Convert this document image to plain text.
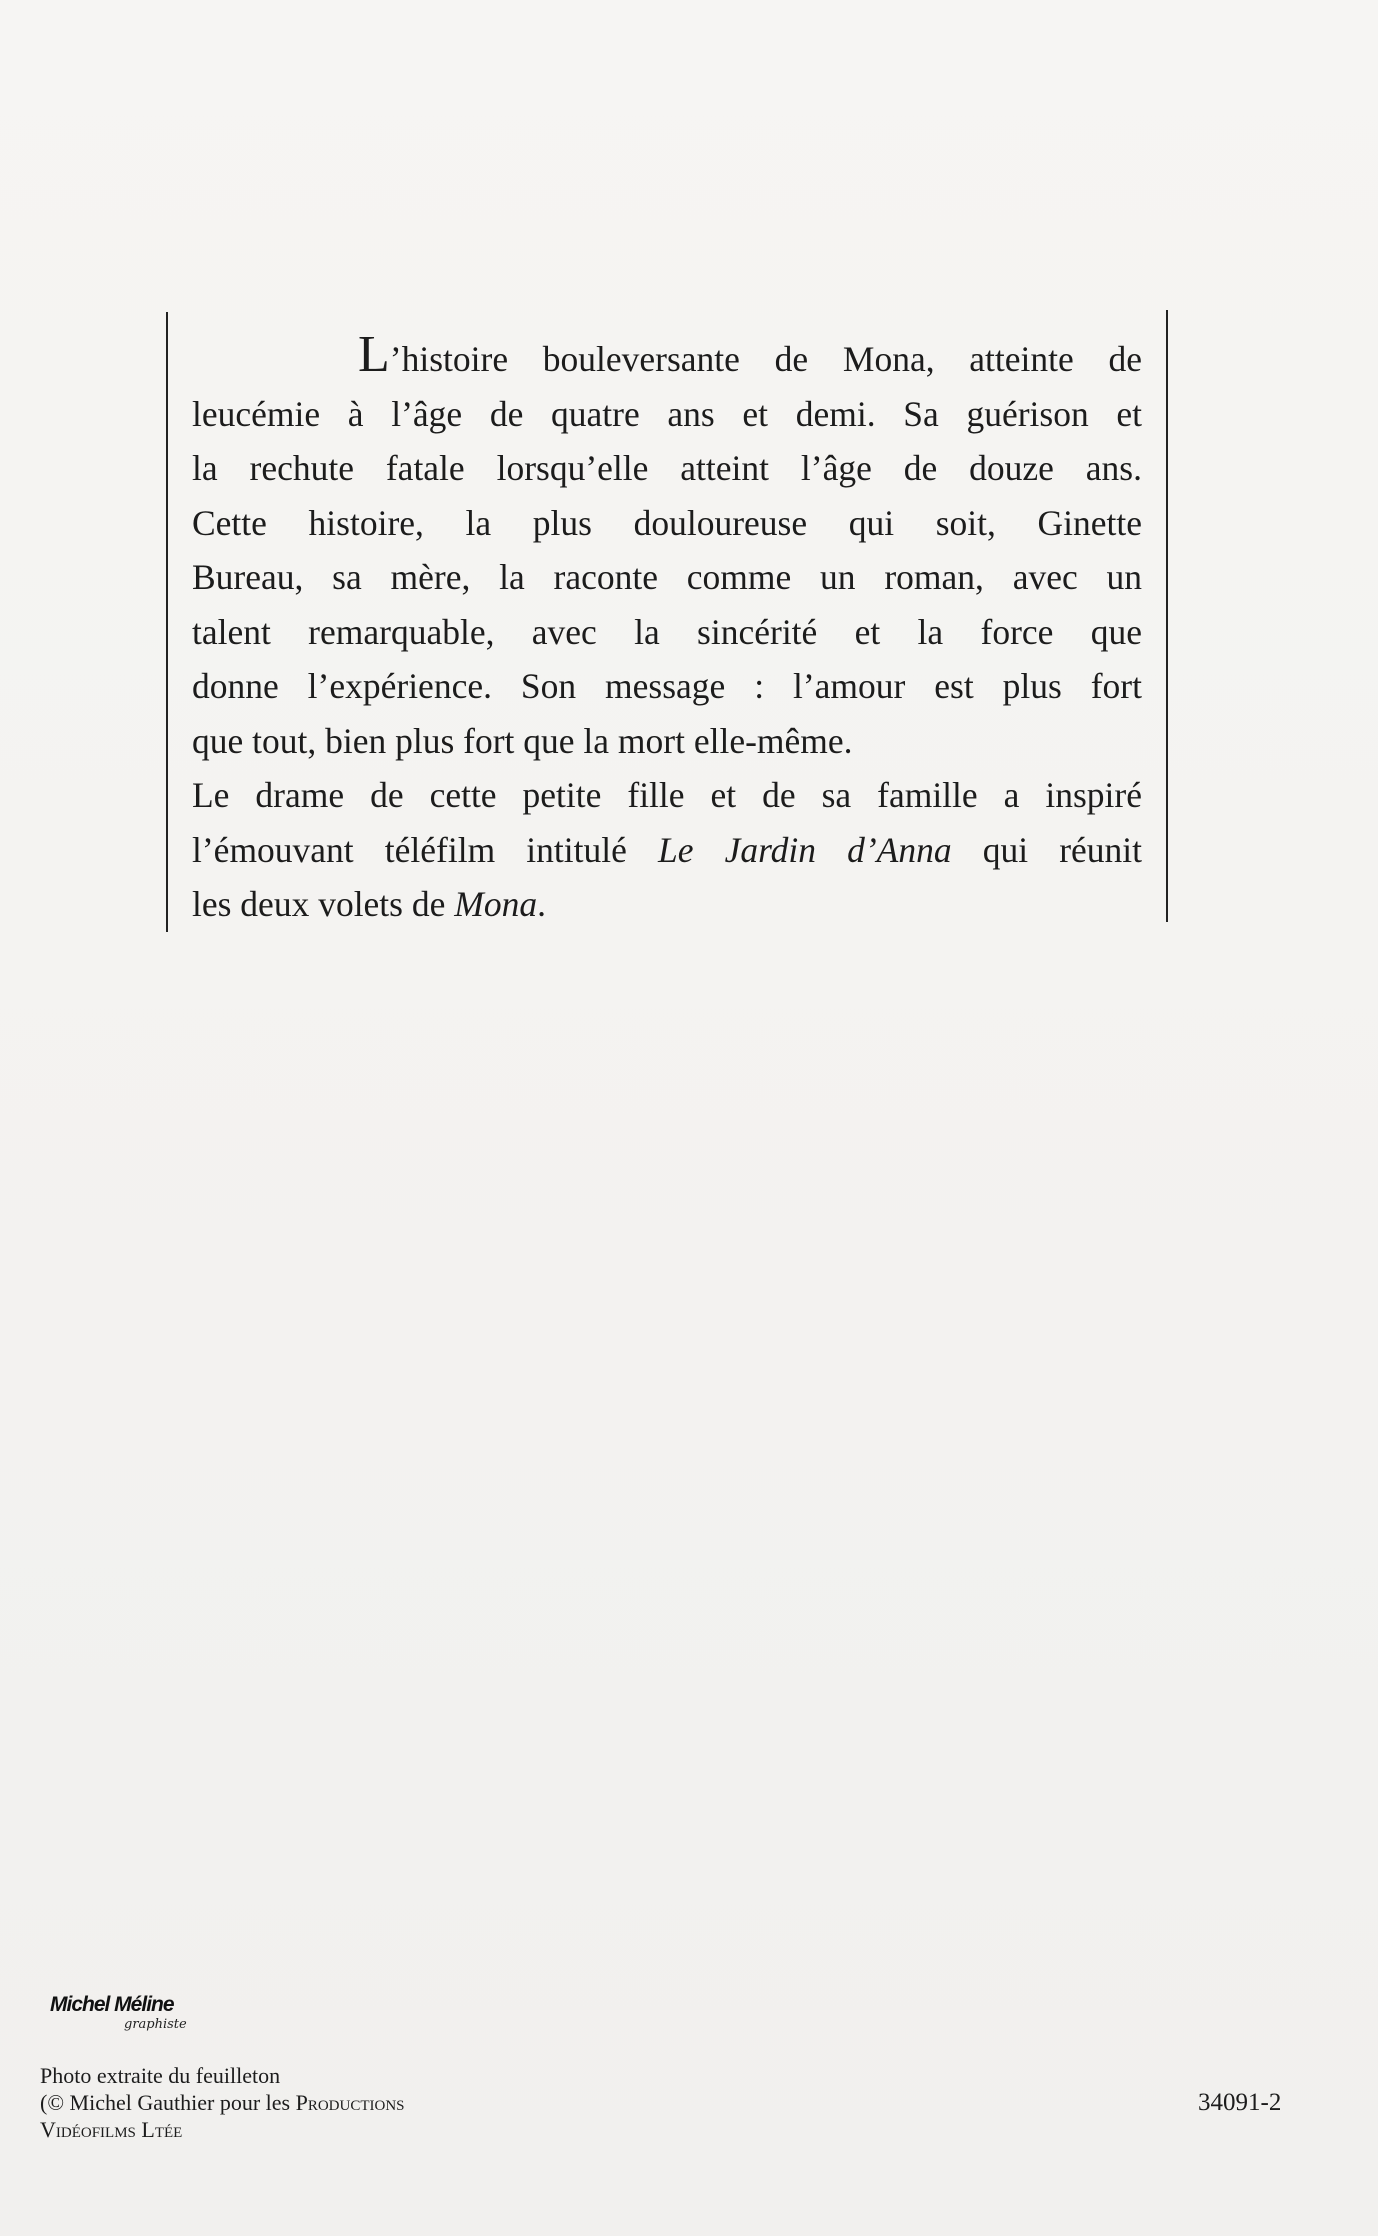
L’histoire bouleversante de Mona, atteinte de
leucémie à l’âge de quatre ans et demi. Sa guérison et
la rechute fatale lorsqu’elle atteint l’âge de douze ans.
Cette histoire, la plus douloureuse qui soit, Ginette
Bureau, sa mère, la raconte comme un roman, avec un
talent remarquable, avec la sincérité et la force que
donne l’expérience. Son message : l’amour est plus fort
que tout, bien plus fort que la mort elle-même.
Le drame de cette petite fille et de sa famille a inspiré
l’émouvant téléfilm intitulé Le Jardin d’Anna qui réunit
les deux volets de Mona.

Michel Méline
graphiste
Photo extraite du feuilleton
(© Michel Gauthier pour les Productions
Vidéofilms Ltée
34091-2
